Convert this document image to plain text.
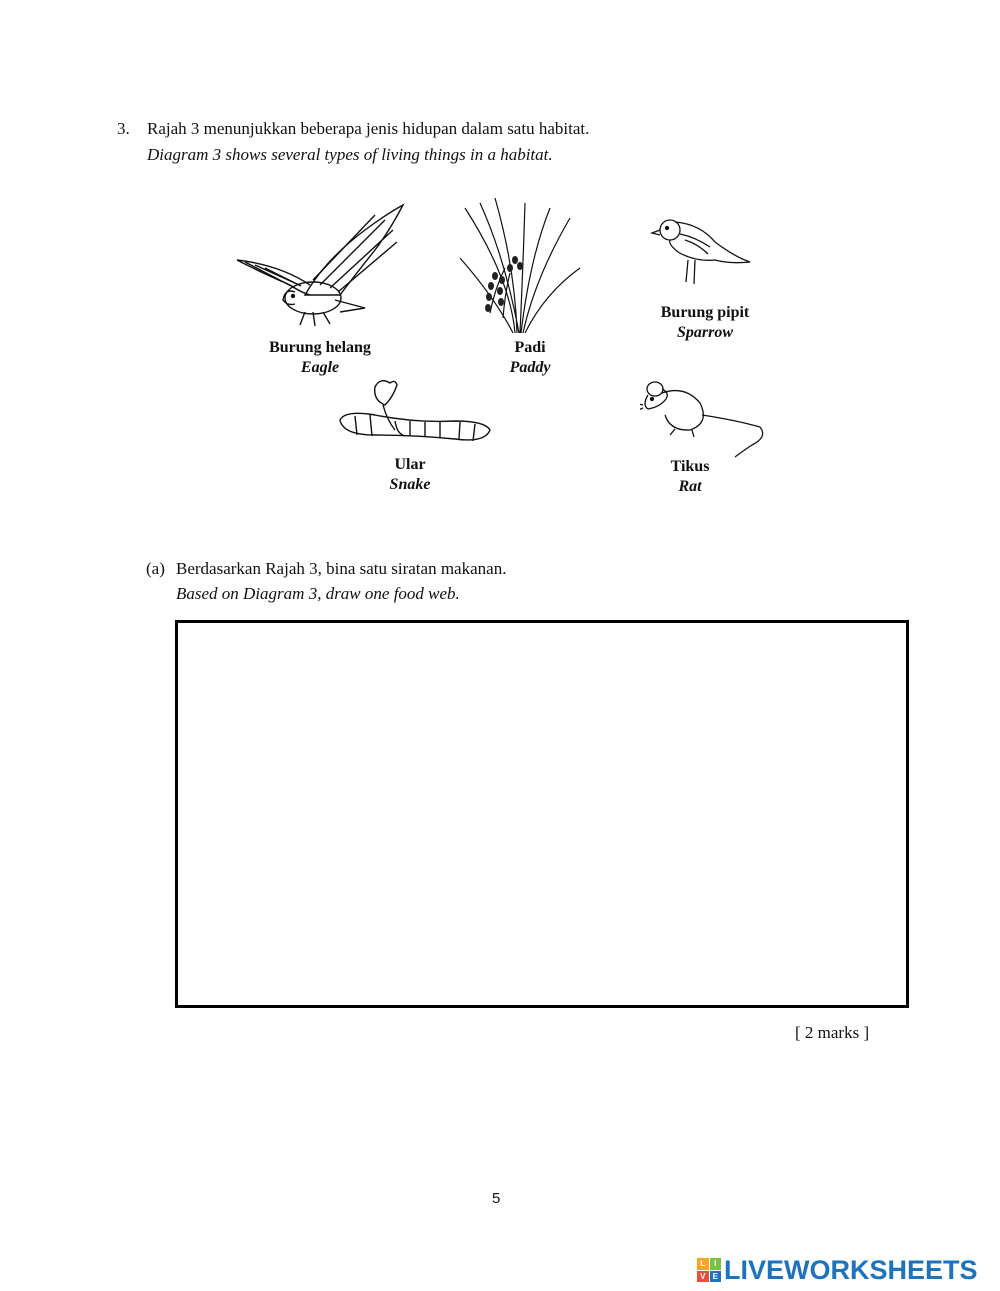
3. Rajah 3 menunjukkan beberapa jenis hidupan dalam satu habitat.
Diagram 3 shows several types of living things in a habitat.
Burung helang
Eagle
Padi
Paddy
Burung pipit
Sparrow
Ular
Snake
Tikus
Rat
(a) Berdasarkan Rajah 3, bina satu siratan makanan.
Based on Diagram 3, draw one food web.
[ 2 marks ]
5
L	I
V E LIVEWORKSHEETS
